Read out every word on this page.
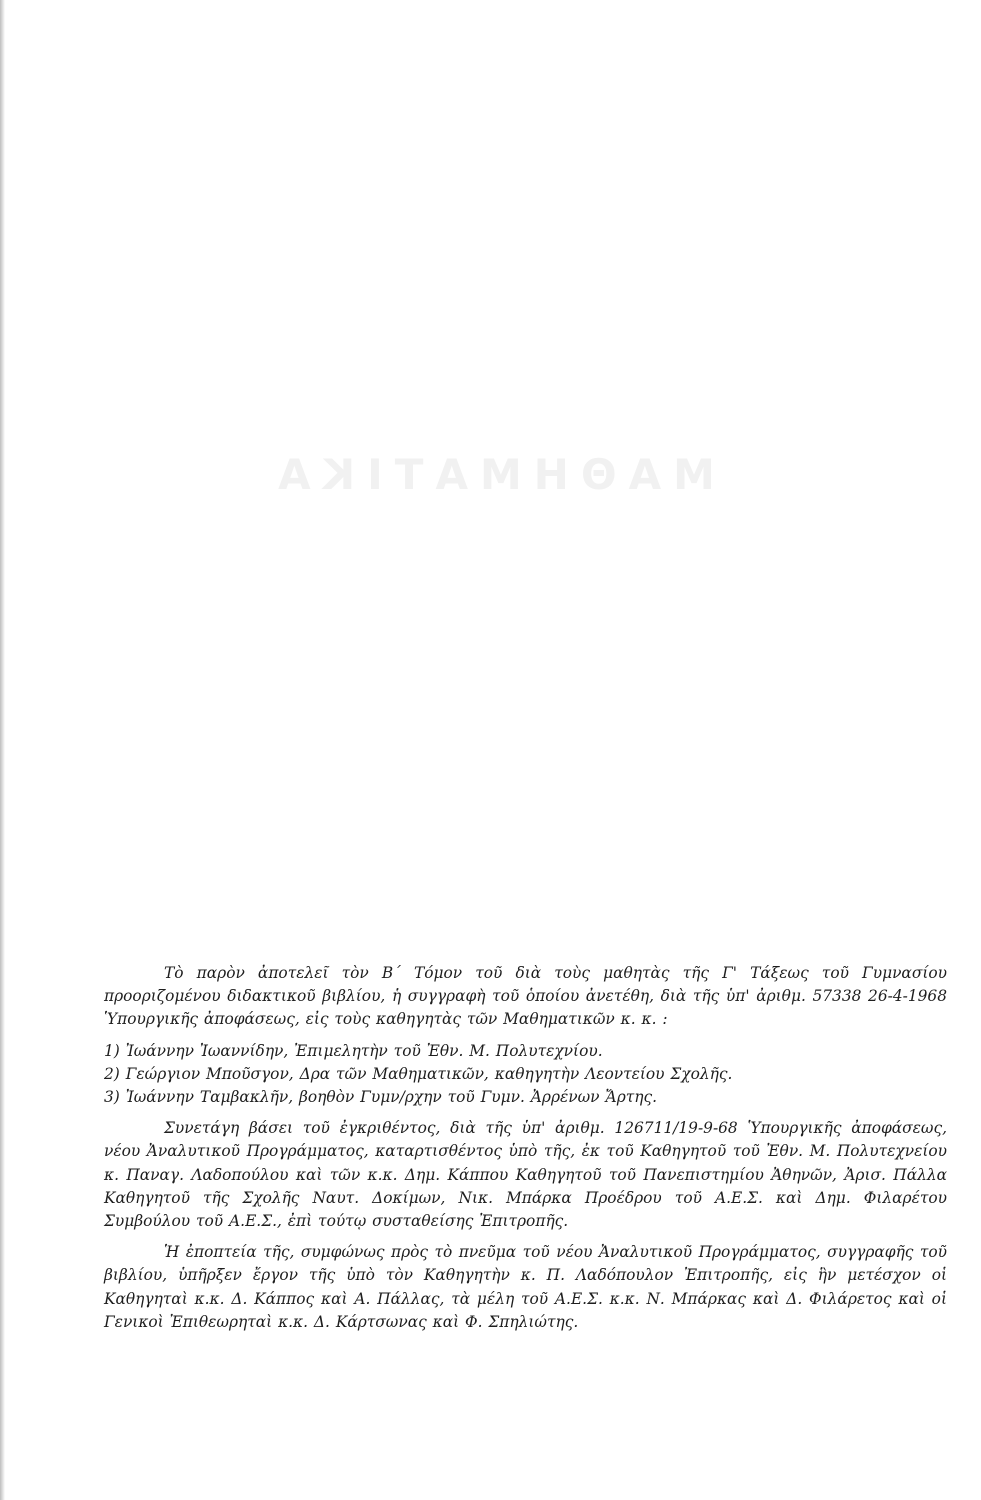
ΜΑΘΗΜΑΤΙΚΑ

Τὸ παρὸν ἀποτελεῖ τὸν Β΄ Τόμον τοῦ διὰ τοὺς μαθητὰς τῆς Γ' Τάξεως τοῦ Γυμνασίου προοριζομένου διδακτικοῦ βιβλίου, ἡ συγγραφὴ τοῦ ὁποίου ἀνετέθη, διὰ τῆς ὑπ' ἀριθμ. 57338 26-4-1968 Ὑπουργικῆς ἀποφάσεως, εἰς τοὺς καθηγητὰς τῶν Μαθηματικῶν κ. κ. :

1) Ἰωάννην Ἰωαννίδην, Ἐπιμελητὴν τοῦ Ἐθν. Μ. Πολυτεχνίου.

2) Γεώργιον Μποῦσγον, Δρα τῶν Μαθηματικῶν, καθηγητὴν Λεοντείου Σχολῆς.

3) Ἰωάννην Ταμβακλῆν, βοηθὸν Γυμν/ρχην τοῦ Γυμν. Ἀρρένων Ἄρτης.

Συνετάγη βάσει τοῦ ἐγκριθέντος, διὰ τῆς ὑπ' ἀριθμ. 126711/19-9-68 Ὑπουργικῆς ἀποφάσεως, νέου Ἀναλυτικοῦ Προγράμματος, καταρτισθέντος ὑπὸ τῆς, ἐκ τοῦ Καθηγητοῦ τοῦ Ἐθν. Μ. Πολυτεχνείου κ. Παναγ. Λαδοπούλου καὶ τῶν κ.κ. Δημ. Κάππου Καθηγητοῦ τοῦ Πανεπιστημίου Ἀθηνῶν, Ἀρισ. Πάλλα Καθηγητοῦ τῆς Σχολῆς Ναυτ. Δοκίμων, Νικ. Μπάρκα Προέδρου τοῦ Α.Ε.Σ. καὶ Δημ. Φιλαρέτου Συμβούλου τοῦ Α.Ε.Σ., ἐπὶ τούτῳ συσταθείσης Ἐπιτροπῆς.

Ἡ ἐποπτεία τῆς, συμφώνως πρὸς τὸ πνεῦμα τοῦ νέου Ἀναλυτικοῦ Προγράμματος, συγγραφῆς τοῦ βιβλίου, ὑπῆρξεν ἔργον τῆς ὑπὸ τὸν Καθηγητὴν κ. Π. Λαδόπουλον Ἐπιτροπῆς, εἰς ἣν μετέσχον οἱ Καθηγηταὶ κ.κ. Δ. Κάππος καὶ Α. Πάλλας, τὰ μέλη τοῦ Α.Ε.Σ. κ.κ. Ν. Μπάρκας καὶ Δ. Φιλάρετος καὶ οἱ Γενικοὶ Ἐπιθεωρηταὶ κ.κ. Δ. Κάρτσωνας καὶ Φ. Σπηλιώτης.
